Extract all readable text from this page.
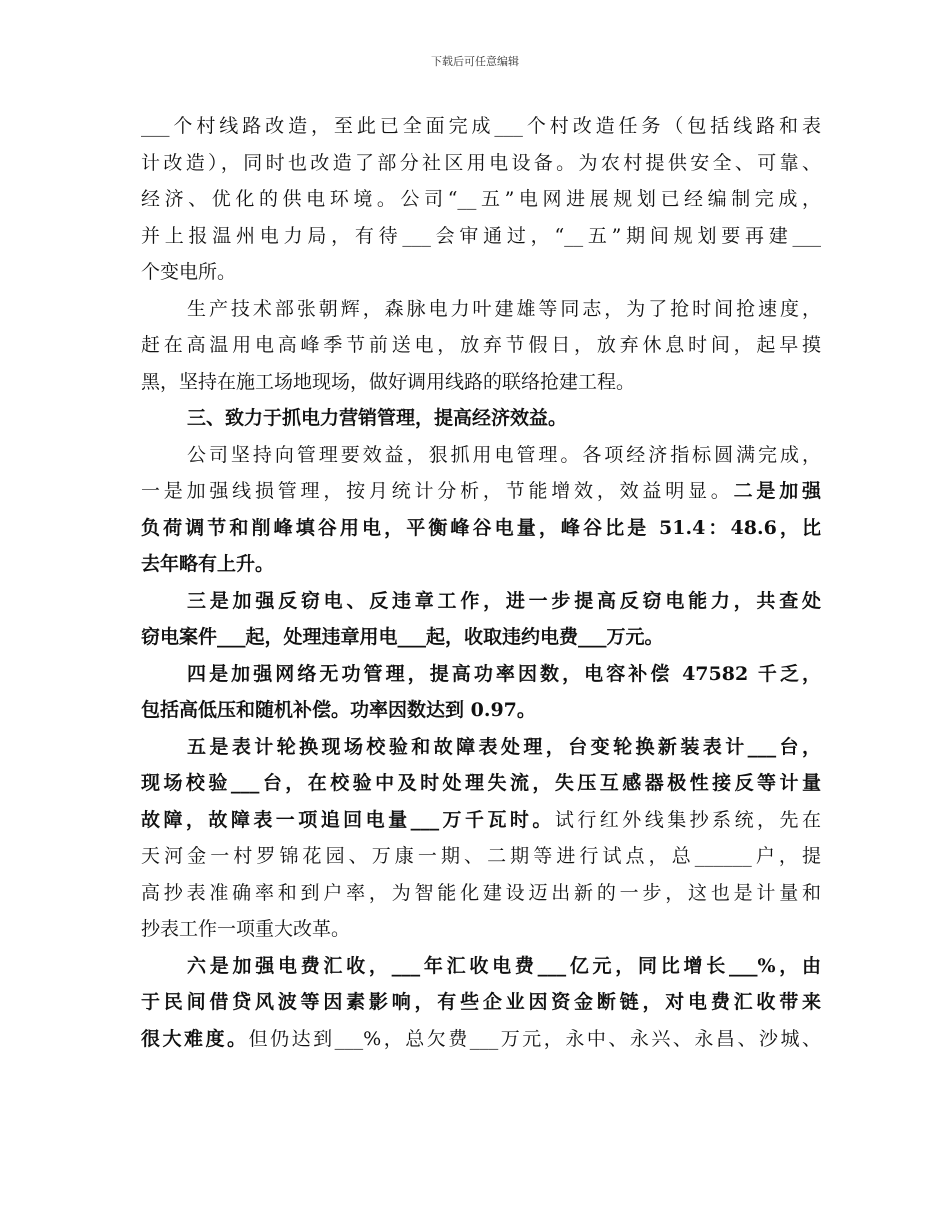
下载后可任意编辑
___个村线路改造，至此已全面完成___个村改造任务（包括线路和表
计改造），同时也改造了部分社区用电设备。为农村提供安全、可靠、
经济、优化的供电环境。公司“__五”电网进展规划已经编制完成，
并上报温州电力局，有待___会审通过，“__五”期间规划要再建___
个变电所。
生产技术部张朝辉，森脉电力叶建雄等同志，为了抢时间抢速度，
赶在高温用电高峰季节前送电，放弃节假日，放弃休息时间，起早摸
黑，坚持在施工场地现场，做好调用线路的联络抢建工程。
三、致力于抓电力营销管理，提高经济效益。
公司坚持向管理要效益，狠抓用电管理。各项经济指标圆满完成，
一是加强线损管理，按月统计分析，节能增效，效益明显。二是加强
负荷调节和削峰填谷用电，平衡峰谷电量，峰谷比是 51.4：48.6，比
去年略有上升。
三是加强反窃电、反违章工作，进一步提高反窃电能力，共查处
窃电案件___起，处理违章用电___起，收取违约电费___万元。
四是加强网络无功管理，提高功率因数，电容补偿 47582 千乏，
包括高低压和随机补偿。功率因数达到 0.97。
五是表计轮换现场校验和故障表处理，台变轮换新装表计___台，
现场校验___台，在校验中及时处理失流，失压互感器极性接反等计量
故障，故障表一项追回电量___万千瓦时。试行红外线集抄系统，先在
天河金一村罗锦花园、万康一期、二期等进行试点，总______户，提
高抄表准确率和到户率，为智能化建设迈出新的一步，这也是计量和
抄表工作一项重大改革。
六是加强电费汇收，___年汇收电费___亿元，同比增长___%，由
于民间借贷风波等因素影响，有些企业因资金断链，对电费汇收带来
很大难度。但仍达到___%，总欠费___万元，永中、永兴、永昌、沙城、
